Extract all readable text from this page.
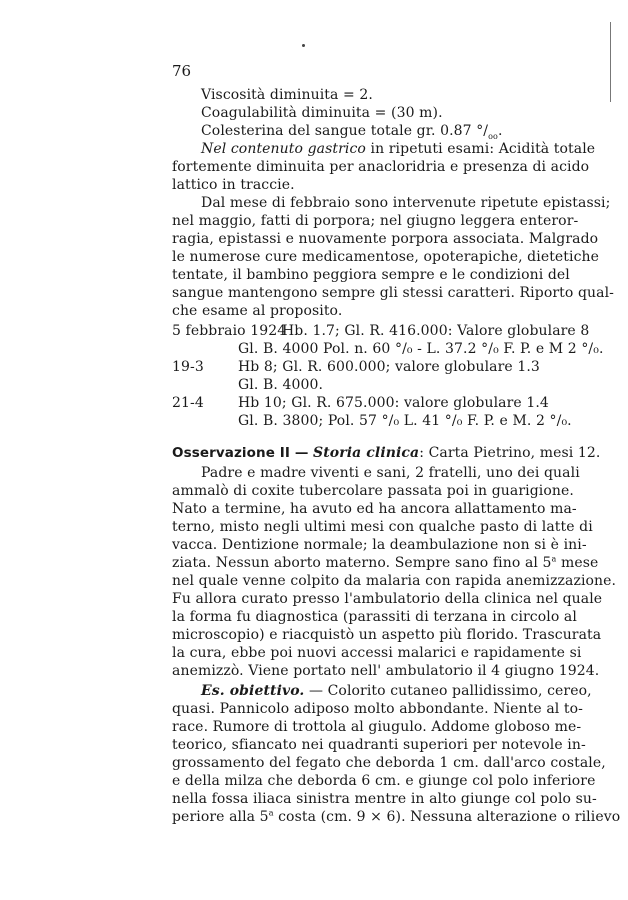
76
Viscosità diminuita = 2.
Coagulabilità diminuita = (30 m).
Colesterina del sangue totale gr. 0.87 $^\circ/_{oo}$.
Nel contenuto gastrico in ripetuti esami: Acidità totale
fortemente diminuita per anacloridria e presenza di acido
lattico in traccie.
Dal mese di febbraio sono intervenute ripetute epistassi;
nel maggio, fatti di porpora; nel giugno leggera enteror-
ragia, epistassi e nuovamente porpora associata. Malgrado
le numerose cure medicamentose, opoterapiche, dietetiche
tentate, il bambino peggiora sempre e le condizioni del
sangue mantengono sempre gli stessi caratteri. Riporto qual-
che esame al proposito.
5 febbraio 1924
Hb. 1.7; Gl. R. 416.000: Valore globulare 8
Gl. B. 4000 Pol. n. 60 °/₀ - L. 37.2 °/₀ F. P. e M 2 °/₀.
19-3 Hb 8; Gl. R. 600.000; valore globulare 1.3
Gl. B. 4000.
21-4 Hb 10; Gl. R. 675.000: valore globulare 1.4
Gl. B. 3800; Pol. 57 °/₀ L. 41 °/₀ F. P. e M. 2 °/₀.
Osservazione II — Storia clinica: Carta Pietrino, mesi 12.
Padre e madre viventi e sani, 2 fratelli, uno dei quali
ammalò di coxite tubercolare passata poi in guarigione.
Nato a termine, ha avuto ed ha ancora allattamento ma-
terno, misto negli ultimi mesi con qualche pasto di latte di
vacca. Dentizione normale; la deambulazione non si è ini-
ziata. Nessun aborto materno. Sempre sano fino al 5$^a$ mese
nel quale venne colpito da malaria con rapida anemizzazione.
Fu allora curato presso l'ambulatorio della clinica nel quale
la forma fu diagnostica (parassiti di terzana in circolo al
microscopio) e riacquistò un aspetto più florido. Trascurata
la cura, ebbe poi nuovi accessi malarici e rapidamente si
anemizzò. Viene portato nell' ambulatorio il 4 giugno 1924.
Es. obiettivo. — Colorito cutaneo pallidissimo, cereo,
quasi. Pannicolo adiposo molto abbondante. Niente al to-
race. Rumore di trottola al giugulo. Addome globoso me-
teorico, sfiancato nei quadranti superiori per notevole in-
grossamento del fegato che deborda 1 cm. dall'arco costale,
e della milza che deborda 6 cm. e giunge col polo inferiore
nella fossa iliaca sinistra mentre in alto giunge col polo su-
periore alla 5$^a$ costa (cm. 9 × 6). Nessuna alterazione o rilievo
